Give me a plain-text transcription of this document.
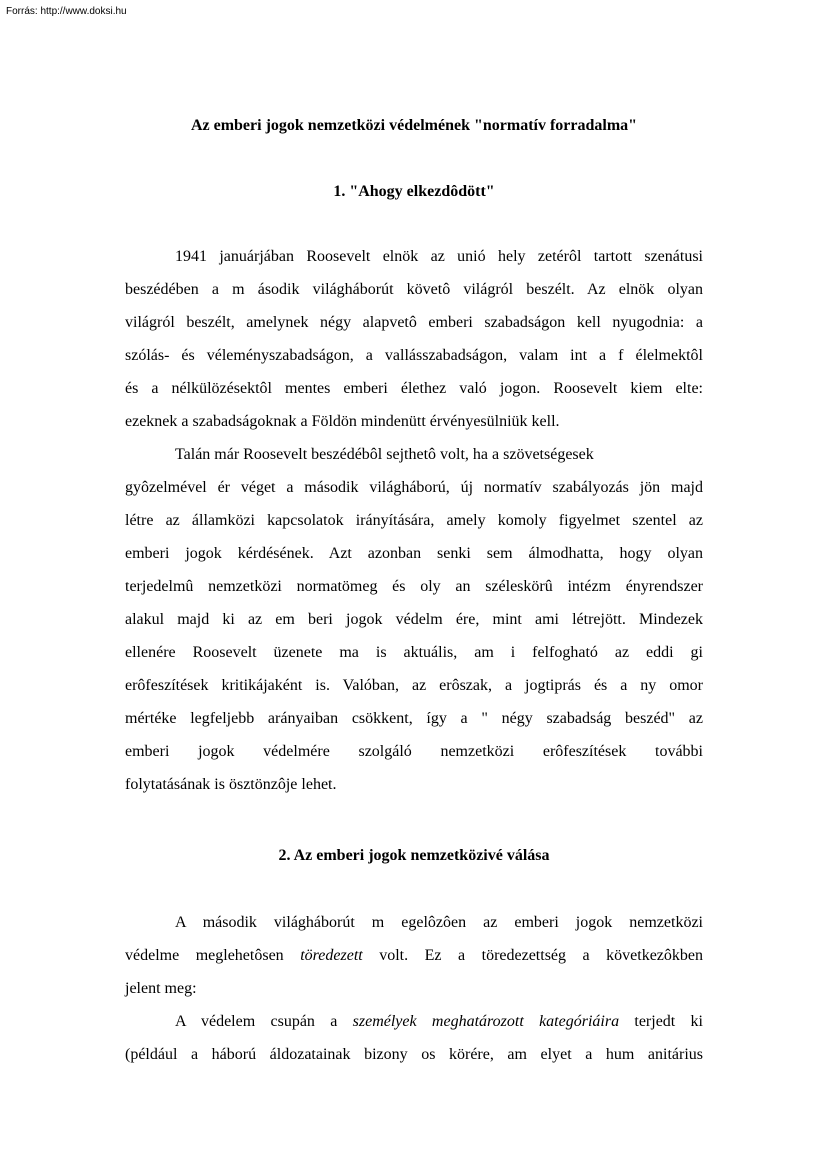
Forrás: http://www.doksi.hu
Az emberi jogok nemzetközi védelmének "normatív forradalma"
1. "Ahogy elkezdôdött"
1941 januárjában Roosevelt elnök az unió hely zetérôl tartott szenátusi
beszédében a m ásodik világháborút követô világról beszélt. Az elnök olyan
világról beszélt, amelynek négy alapvetô emberi szabadságon kell nyugodnia: a
szólás- és véleményszabadságon, a vallásszabadságon, valam int a f élelmektôl
és a nélkülözésektôl mentes emberi élethez való jogon. Roosevelt kiem elte:
ezeknek a szabadságoknak a Földön mindenütt érvényesülniük kell.
Talán már Roosevelt beszédébôl sejthetô volt, ha a szövetségesek
gyôzelmével ér véget a második világháború, új normatív szabályozás jön majd
létre az államközi kapcsolatok irányítására, amely komoly figyelmet szentel az
emberi jogok kérdésének. Azt azonban senki sem álmodhatta, hogy olyan
terjedelmû nemzetközi normatömeg és oly an széleskörû intézm ényrendszer
alakul majd ki az em beri jogok védelm ére, mint ami létrejött. Mindezek
ellenére Roosevelt üzenete ma is aktuális, am i felfogható az eddi gi
erôfeszítések kritikájaként is. Valóban, az erôszak, a jogtiprás és a ny omor
mértéke legfeljebb arányaiban csökkent, így a " négy szabadság beszéd" az
emberi jogok védelmére szolgáló nemzetközi erôfeszítések további
folytatásának is ösztönzôje lehet.
2. Az emberi jogok nemzetközivé válása
A második világháborút m egelôzôen az emberi jogok nemzetközi
védelme meglehetôsen töredezett volt. Ez a töredezettség a következôkben
jelent meg:
A védelem csupán a személyek meghatározott kategóriáira terjedt ki
(például a háború áldozatainak bizony os körére, am elyet a hum anitárius
